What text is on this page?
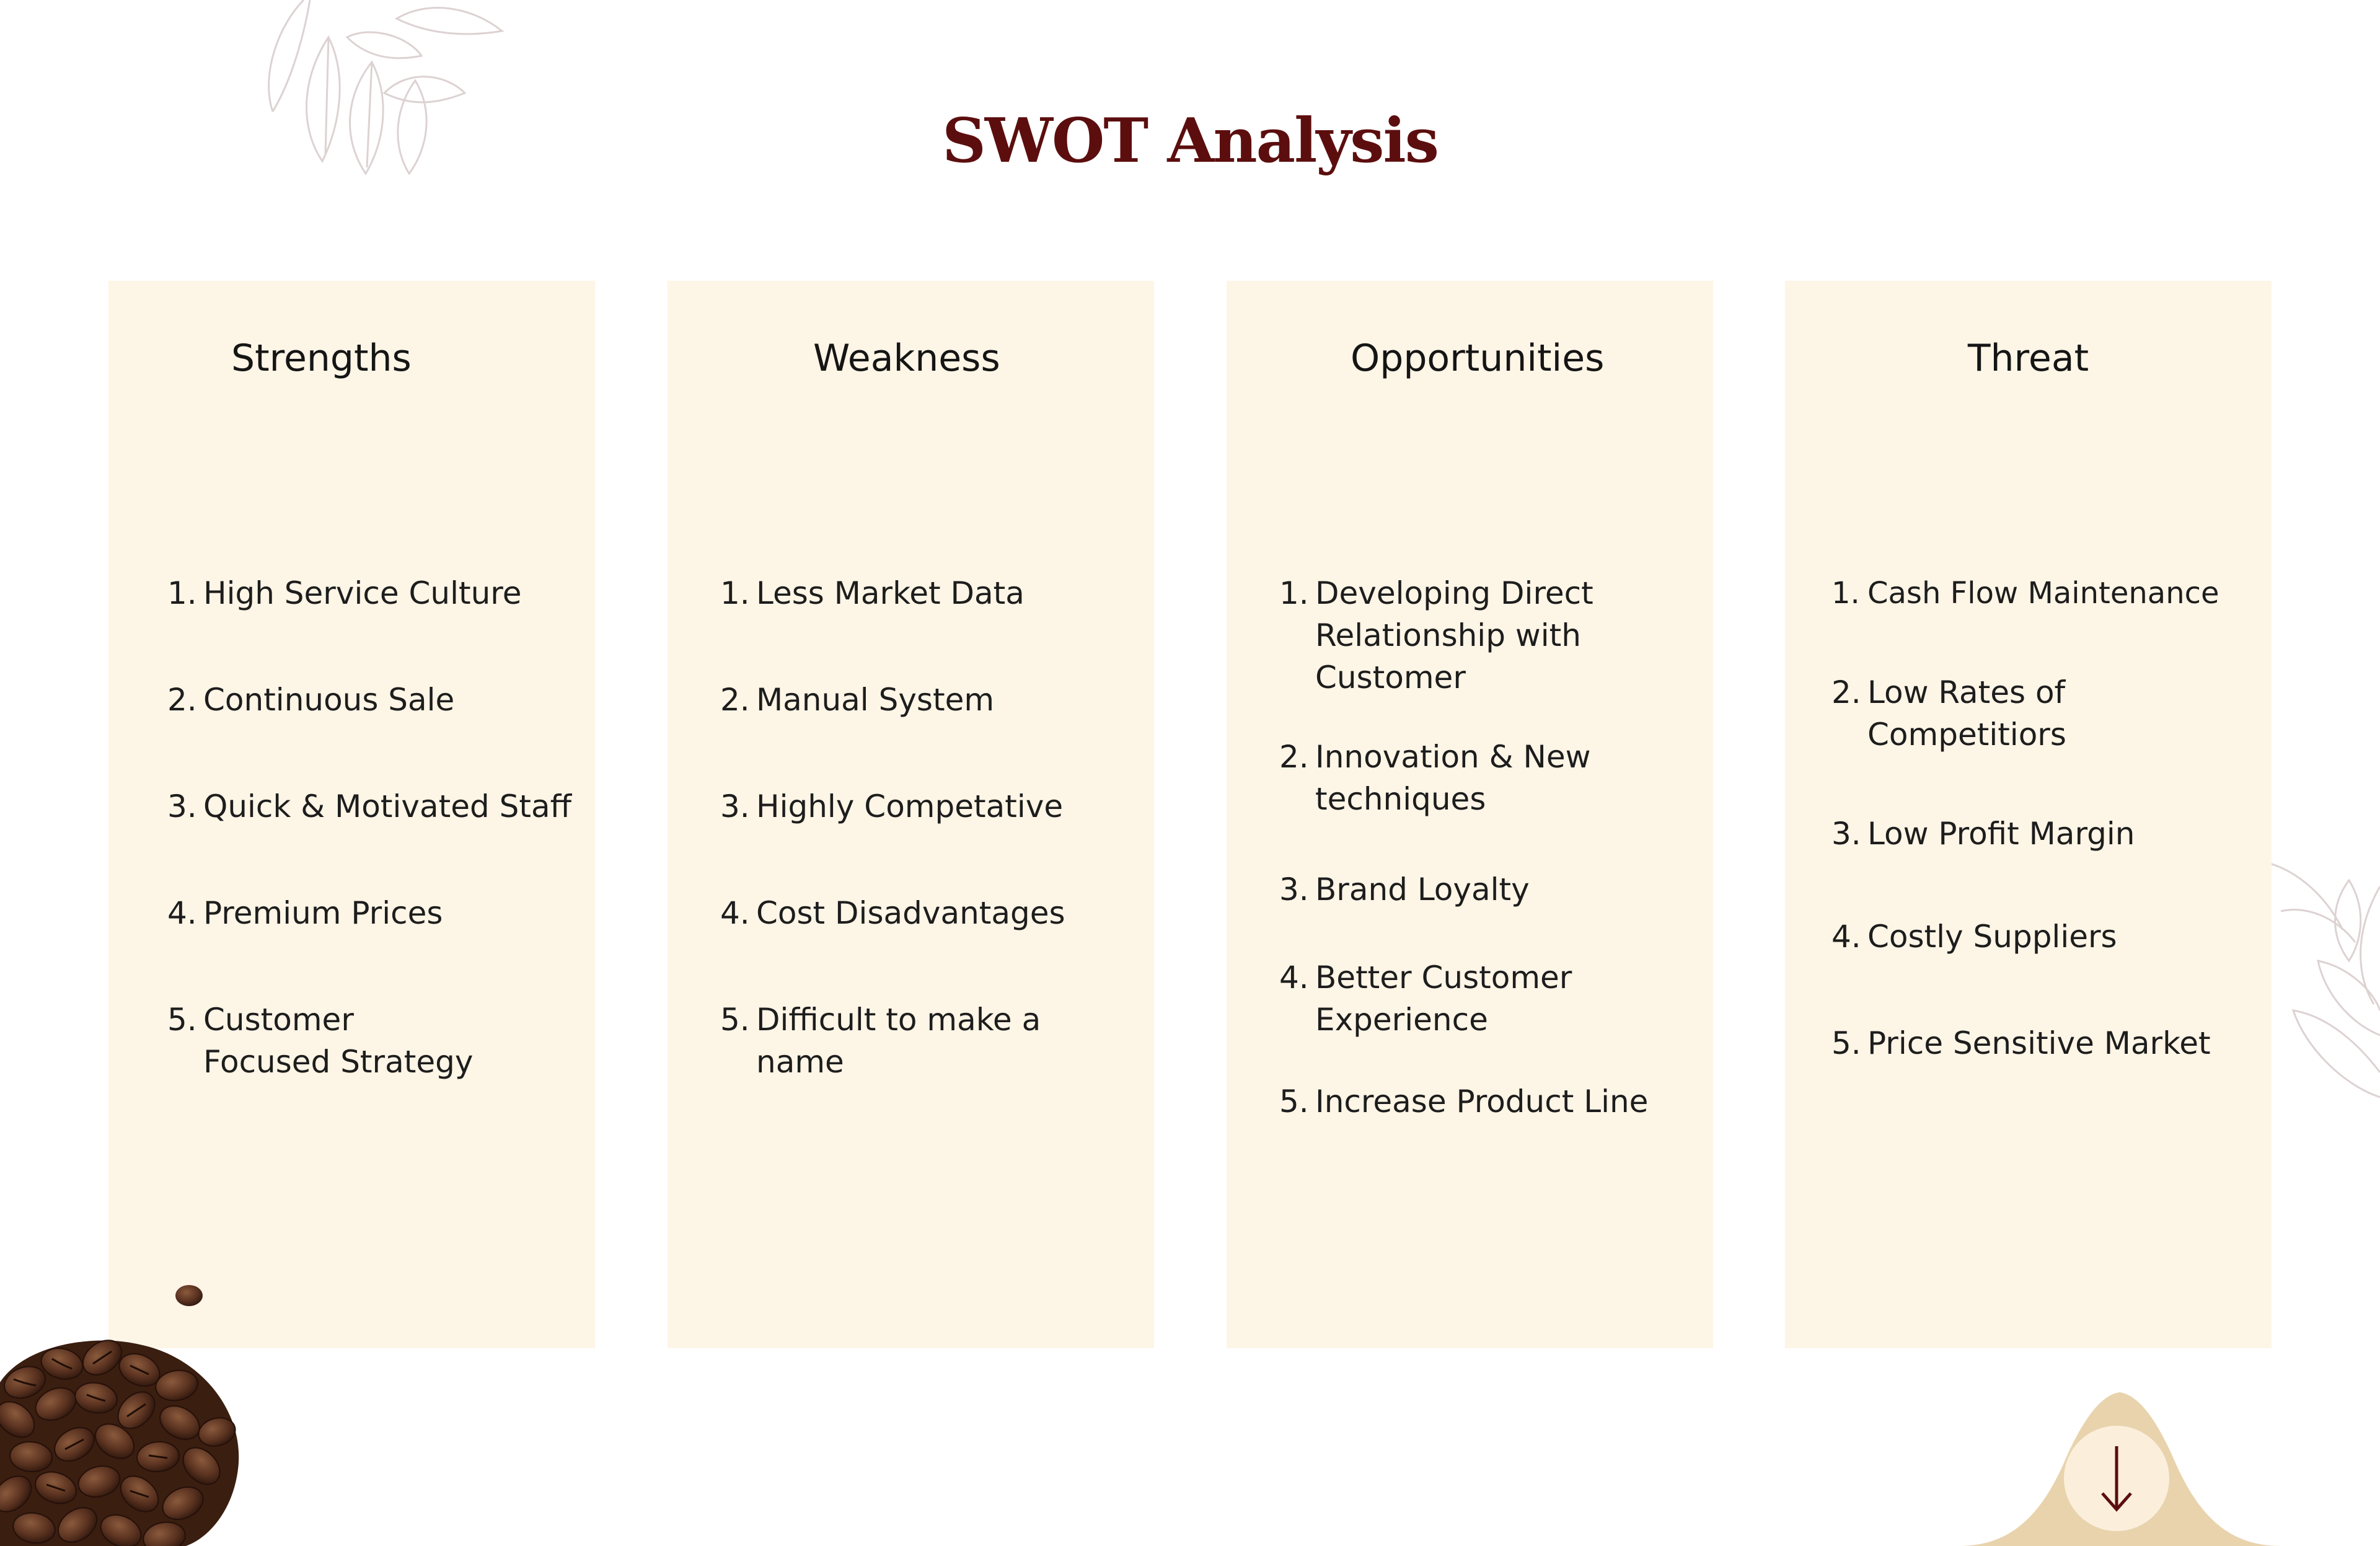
SWOT Analysis
Strengths
1. High Service Culture
2. Continuous Sale
3. Quick & Motivated Staff
4. Premium Prices
5. Customer Focused Strategy
Weakness
1. Less Market Data
2. Manual System
3. Highly Competative
4. Cost Disadvantages
5. Difficult to make a name
Opportunities
1. Developing Direct Relationship with Customer
2. Innovation & New techniques
3. Brand Loyalty
4. Better Customer Experience
5. Increase Product Line
Threat
1. Cash Flow Maintenance
2. Low Rates of Competitiors
3. Low Profit Margin
4. Costly Suppliers
5. Price Sensitive Market
